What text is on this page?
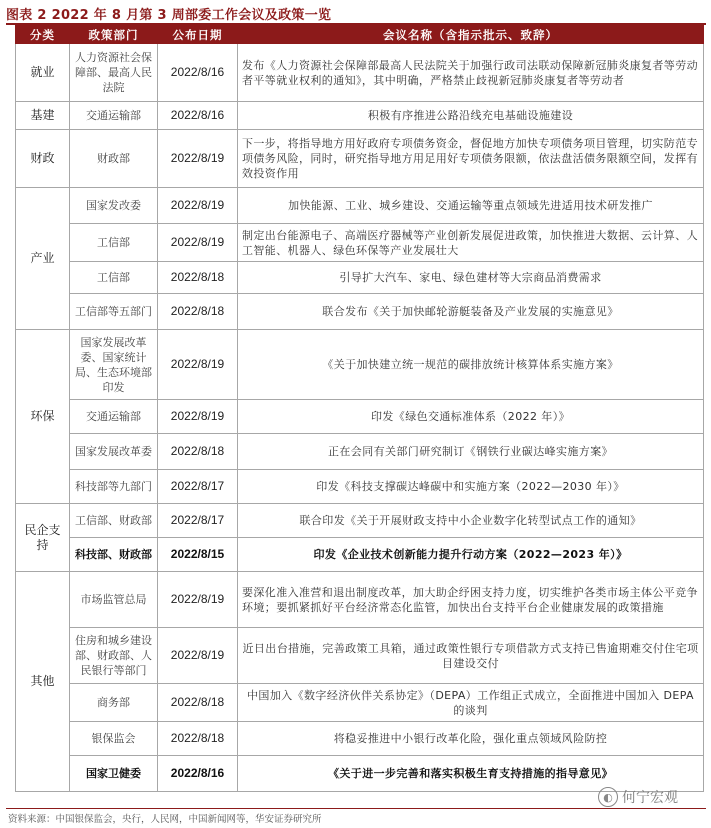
图表 2 2022 年 8 月第 3 周部委工作会议及政策一览
分类	政策部门	公布日期	会议名称（含指示批示、致辞）
就业	人力资源社会保障部、最高人民法院	2022/8/16	发布《人力资源社会保障部最高人民法院关于加强行政司法联动保障新冠肺炎康复者等劳动者平等就业权利的通知》，其中明确，严格禁止歧视新冠肺炎康复者等劳动者
基建	交通运输部	2022/8/16	积极有序推进公路沿线充电基础设施建设
财政	财政部	2022/8/19	下一步，将指导地方用好政府专项债务资金，督促地方加快专项债务项目管理，切实防范专项债务风险，同时，研究指导地方用足用好专项债务限额，依法盘活债务限额空间，发挥有效投资作用
产业	国家发改委	2022/8/19	加快能源、工业、城乡建设、交通运输等重点领域先进适用技术研发推广
	工信部	2022/8/19	制定出台能源电子、高端医疗器械等产业创新发展促进政策，加快推进大数据、云计算、人工智能、机器人、绿色环保等产业发展壮大
	工信部	2022/8/18	引导扩大汽车、家电、绿色建材等大宗商品消费需求
	工信部等五部门	2022/8/18	联合发布《关于加快邮轮游艇装备及产业发展的实施意见》
环保	国家发展改革委、国家统计局、生态环境部印发	2022/8/19	《关于加快建立统一规范的碳排放统计核算体系实施方案》
	交通运输部	2022/8/19	印发《绿色交通标准体系（2022 年）》
	国家发展改革委	2022/8/18	正在会同有关部门研究制订《钢铁行业碳达峰实施方案》
	科技部等九部门	2022/8/17	印发《科技支撑碳达峰碳中和实施方案（2022—2030 年）》
民企支持	工信部、财政部	2022/8/17	联合印发《关于开展财政支持中小企业数字化转型试点工作的通知》
	科技部、财政部	2022/8/15	印发《企业技术创新能力提升行动方案（2022—2023 年）》
其他	市场监管总局	2022/8/19	要深化准入准营和退出制度改革，加大助企纾困支持力度，切实维护各类市场主体公平竞争环境；要抓紧抓好平台经济常态化监管，加快出台支持平台企业健康发展的政策措施
	住房和城乡建设部、财政部、人民银行等部门	2022/8/19	近日出台措施，完善政策工具箱，通过政策性银行专项借款方式支持已售逾期难交付住宅项目建设交付
	商务部	2022/8/18	中国加入《数字经济伙伴关系协定》（DEPA）工作组正式成立，全面推进中国加入 DEPA 的谈判
	银保监会	2022/8/18	将稳妥推进中小银行改革化险，强化重点领域风险防控
	国家卫健委	2022/8/16	《关于进一步完善和落实积极生育支持措施的指导意见》
◐ 何宁宏观
资料来源：中国银保监会，央行，人民网，中国新闻网等，华安证券研究所
